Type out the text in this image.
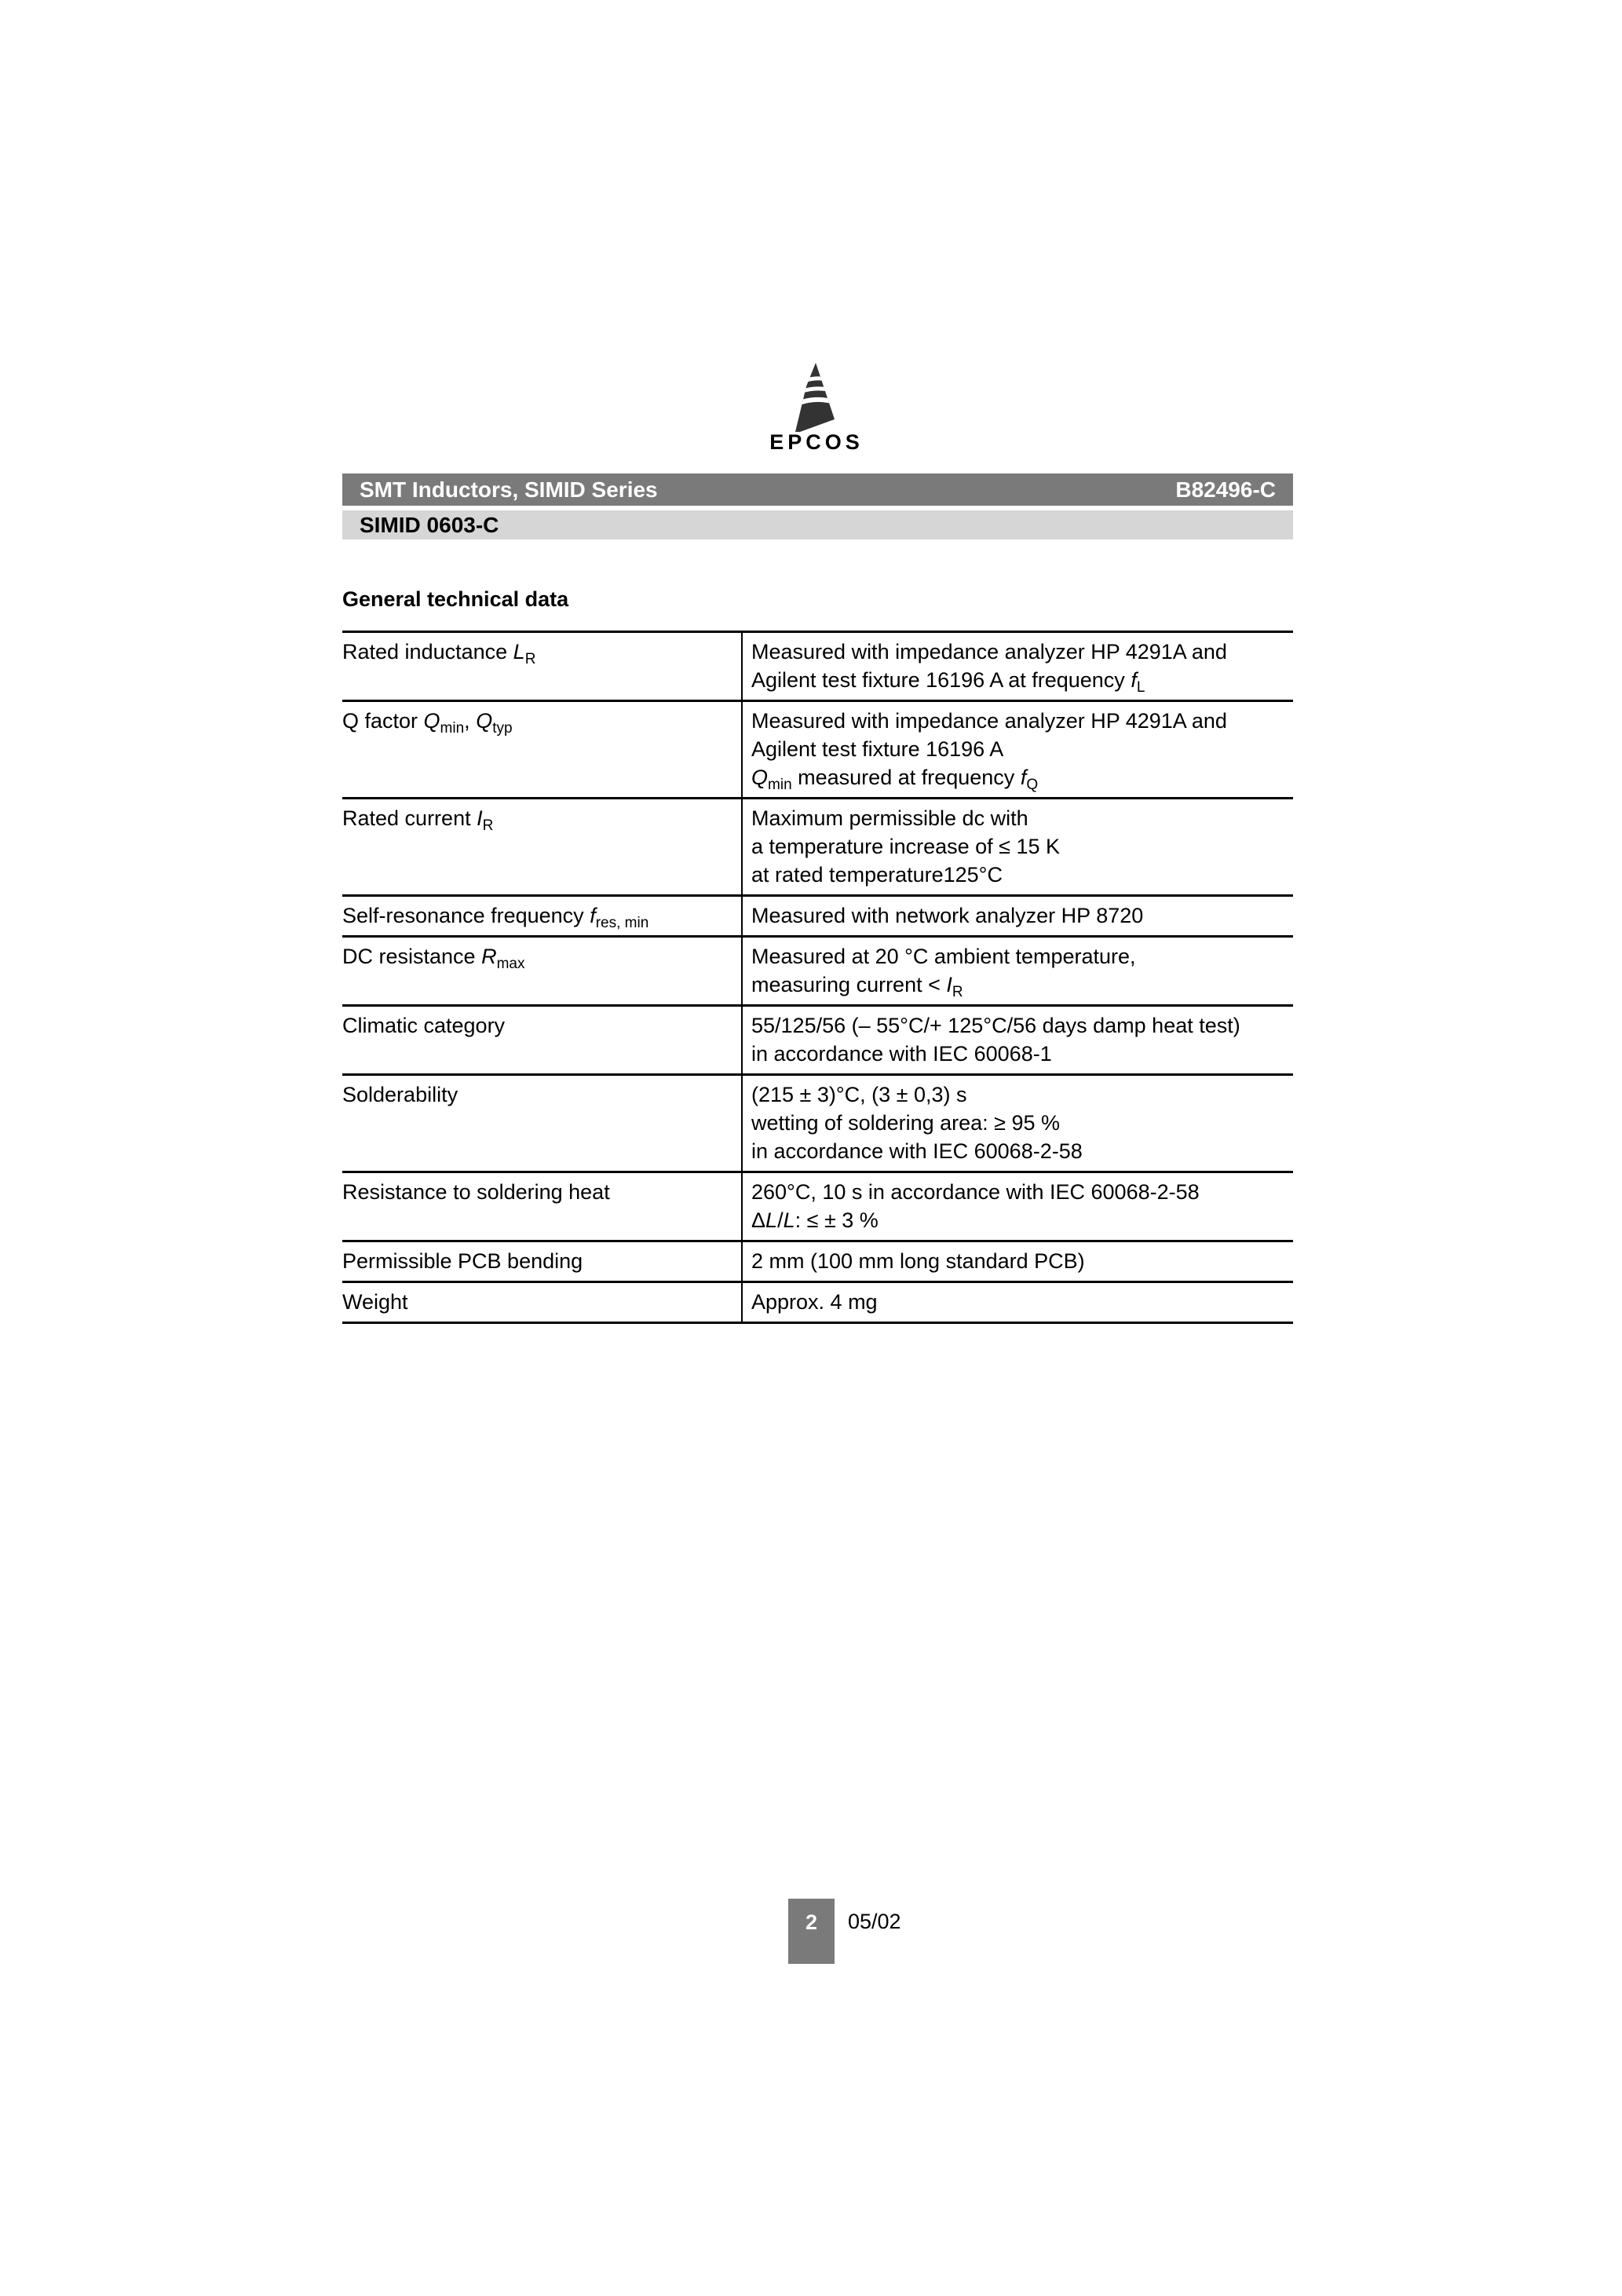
EPCOS
SMT Inductors, SIMID Series	B82496-C
SIMID 0603-C
General technical data
Rated inductance $L_R$	Measured with impedance analyzer HP 4291A and
Agilent test fixture 16196 A at frequency $f_L$

Q factor $Q_{min}$, $Q_{typ}$	Measured with impedance analyzer HP 4291A and
Agilent test fixture 16196 A
$Q_{min}$ measured at frequency $f_Q$

Rated current $I_R$	Maximum permissible dc with
a temperature increase of ≤ 15 K
at rated temperature125°C

Self-resonance frequency $f_{res, min}$	Measured with network analyzer HP 8720

DC resistance $R_{max}$	Measured at 20 °C ambient temperature,
measuring current < $I_R$

Climatic category	55/125/56 (– 55°C/+ 125°C/56 days damp heat test)
in accordance with IEC 60068-1

Solderability	(215 ± 3)°C, (3 ± 0,3) s
wetting of soldering area: ≥ 95 %
in accordance with IEC 60068-2-58

Resistance to soldering heat	260°C, 10 s in accordance with IEC 60068-2-58
ΔL/L: ≤ ± 3 %

Permissible PCB bending	2 mm (100 mm long standard PCB)

Weight	Approx. 4 mg
2	05/02
